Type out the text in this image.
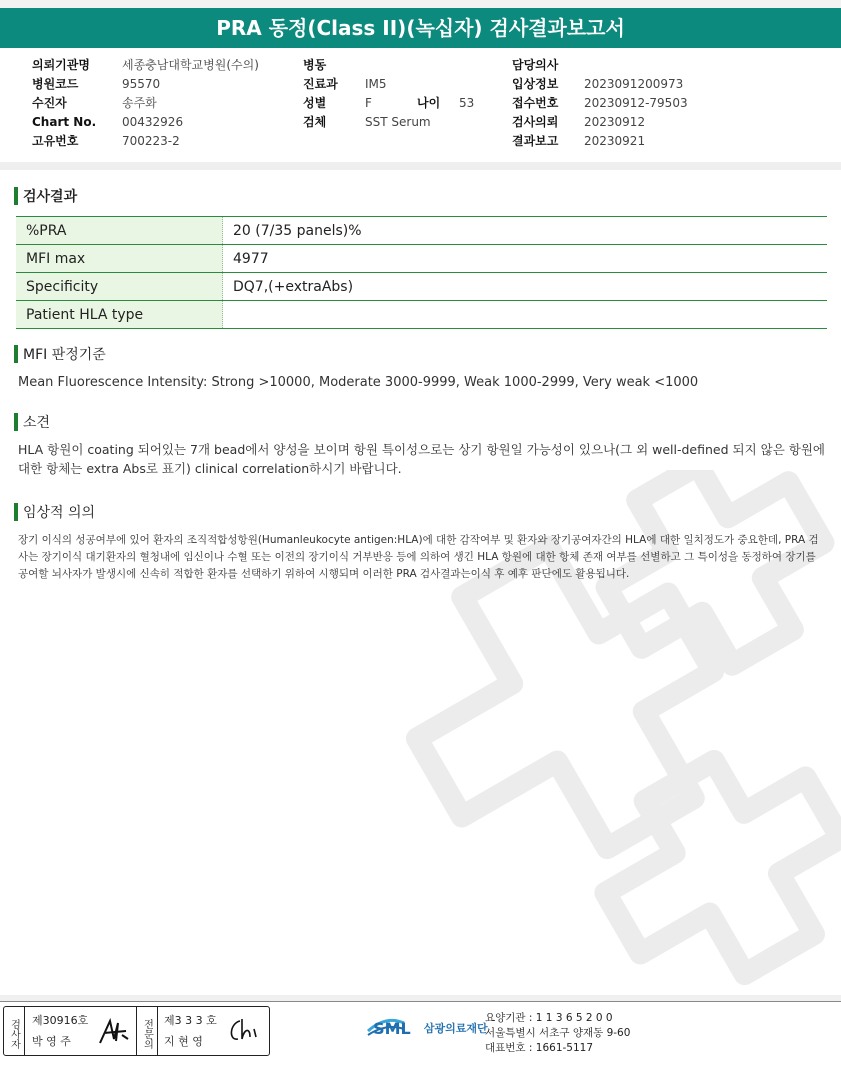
PRA 동정(Class II)(녹십자) 검사결과보고서
의뢰기관명	세종충남대학교병원(수의)
병원코드	95570
수진자	송주화
Chart No. 00432926
고유번호	700223-2
병동
진료과 IM5
성별	F	나이 53
검체	SST Serum
담당의사
입상정보 2023091200973
접수번호 20230912-79503
검사의뢰 20230912
결과보고 20230921
검사결과
%PRA	20 (7/35 panels)%
MFI max	4977
Specificity	DQ7,(+extraAbs)
Patient HLA type	
MFI 판정기준
Mean Fluorescence Intensity: Strong >10000, Moderate 3000-9999, Weak 1000-2999, Very weak <1000
소견
HLA 항원이 coating 되어있는 7개 bead에서 양성을 보이며 항원 특이성으로는 상기 항원일 가능성이 있으나(그 외 well-defined 되지 않은 항원에 대한 항체는 extra Abs로 표기) clinical correlation하시기 바랍니다.
임상적 의의
장기 이식의 성공여부에 있어 환자의 조직적합성항원(Humanleukocyte antigen:HLA)에 대한 감작여부 및 환자와 장기공여자간의 HLA에 대한 일치정도가 중요한데, PRA 검사는 장기이식 대기환자의 혈청내에 임신이나 수혈 또는 이전의 장기이식 거부반응 등에 의하여 생긴 HLA 항원에 대한 항체 존재 여부를 선별하고 그 특이성을 동정하여 장기를 공여할 뇌사자가 발생시에 신속히 적합한 환자를 선택하기 위하여 시행되며 이러한 PRA 검사결과는이식 후 예후 판단에도 활용됩니다.
검사자 제30916호
박 영 주	전문의 제3 3 3 호
지 현 영
SML 삼광의료재단
요양기관 : 1 1 3 6 5 2 0 0
서울특별시 서초구 양재동 9-60
대표번호 : 1661-5117
